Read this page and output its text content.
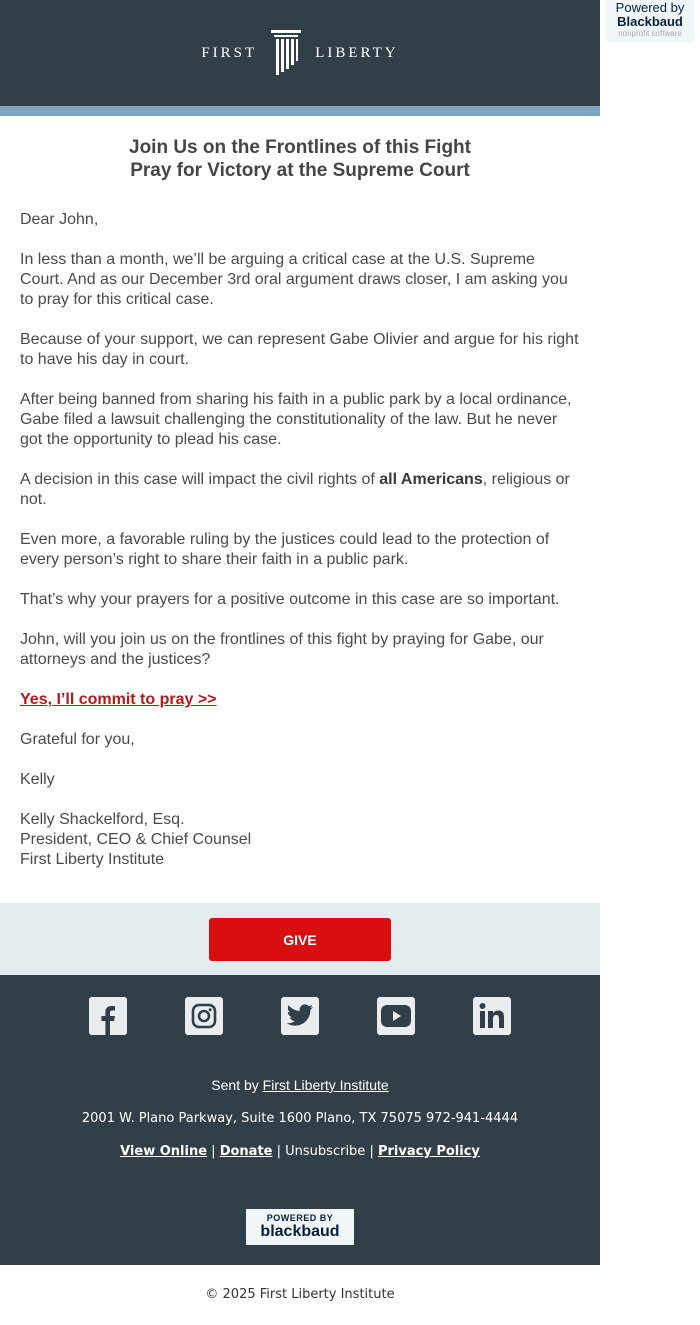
FIRST	LIBERTY
Join Us on the Frontlines of this Fight
Pray for Victory at the Supreme Court

Dear John,

In less than a month, we’ll be arguing a critical case at the U.S. Supreme Court. And as our December 3rd oral argument draws closer, I am asking you to pray for this critical case.

Because of your support, we can represent Gabe Olivier and argue for his right to have his day in court.

After being banned from sharing his faith in a public park by a local ordinance, Gabe filed a lawsuit challenging the constitutionality of the law. But he never got the opportunity to plead his case.

A decision in this case will impact the civil rights of all Americans, religious or not.

Even more, a favorable ruling by the justices could lead to the protection of every person’s right to share their faith in a public park.

That’s why your prayers for a positive outcome in this case are so important.

John, will you join us on the frontlines of this fight by praying for Gabe, our attorneys and the justices?

Yes, I’ll commit to pray >>

Grateful for you,

Kelly

Kelly Shackelford, Esq.

President, CEO & Chief Counsel

First Liberty Institute

GIVE
Sent by First Liberty Institute
2001 W. Plano Parkway, Suite 1600 Plano, TX 75075 972-941-4444
View Online | Donate | Unsubscribe | Privacy Policy
POWERED BY
blackbaud
© 2025 First Liberty Institute
Powered by
Blackbaud
nonprofit software
